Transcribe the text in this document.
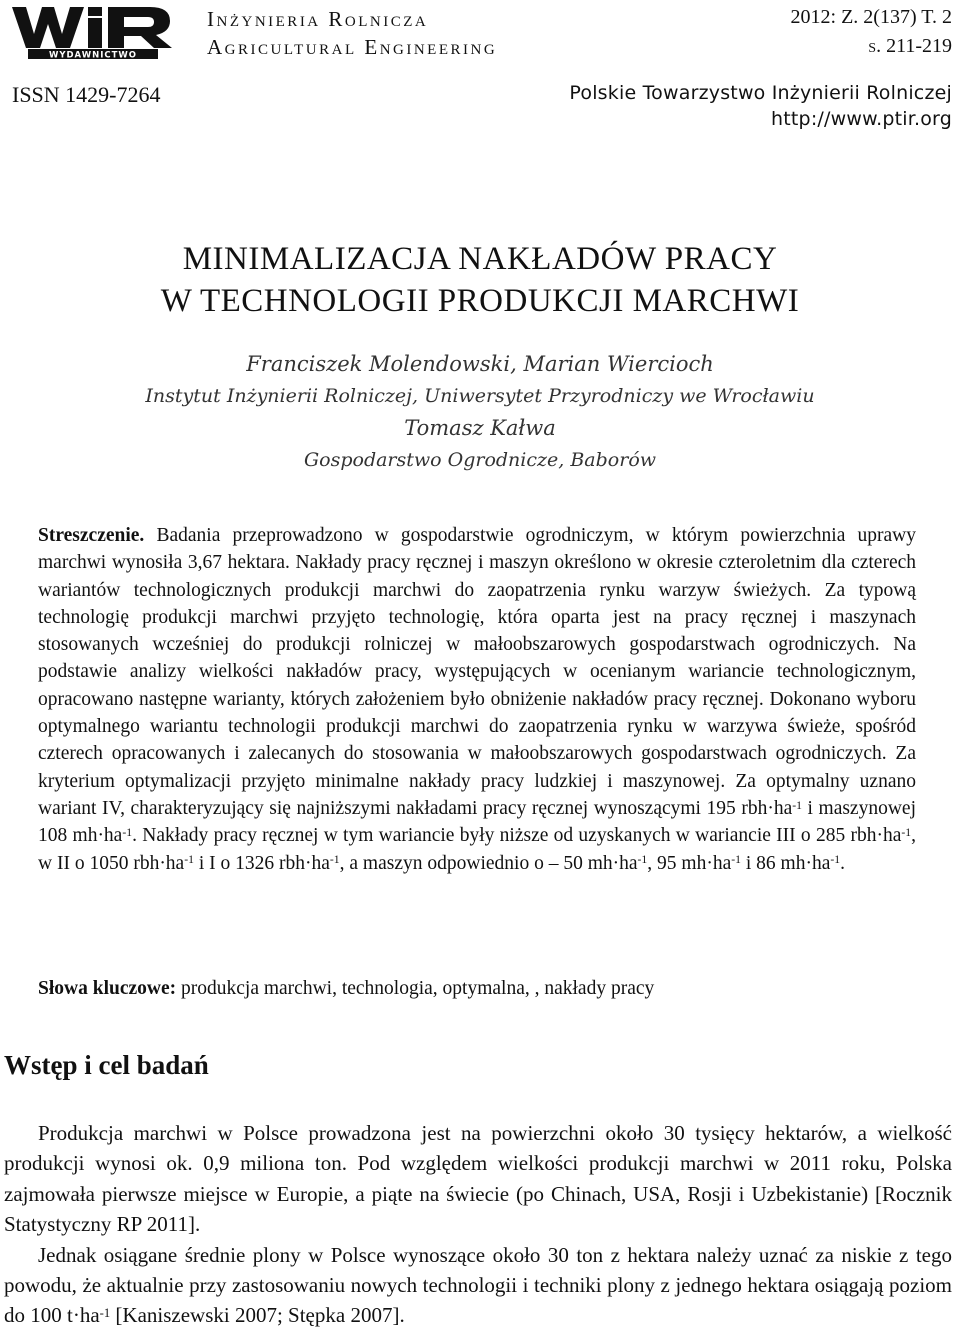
WYDAWNICTWO
Inżynieria Rolnicza
Agricultural Engineering
2012: Z. 2(137) T. 2
s. 211-219
ISSN 1429-7264	Polskie Towarzystwo Inżynierii Rolniczej
http://www.ptir.org
MINIMALIZACJA NAKŁADÓW PRACY
W TECHNOLOGII PRODUKCJI MARCHWI
Franciszek Molendowski, Marian Wiercioch
Instytut Inżynierii Rolniczej, Uniwersytet Przyrodniczy we Wrocławiu
Tomasz Kałwa
Gospodarstwo Ogrodnicze, Baborów
Streszczenie. Badania przeprowadzono w gospodarstwie ogrodniczym, w którym powierzchnia uprawy marchwi wynosiła 3,67 hektara. Nakłady pracy ręcznej i maszyn określono w okresie czteroletnim dla czterech wariantów technologicznych produkcji marchwi do zaopatrzenia rynku warzyw świeżych. Za typową technologię produkcji marchwi przyjęto technologię, która oparta jest na pracy ręcznej i maszynach stosowanych wcześniej do produkcji rolniczej w małoobszarowych gospodarstwach ogrodniczych. Na podstawie analizy wielkości nakładów pracy, występujących w ocenianym wariancie technologicznym, opracowano następne warianty, których założeniem było obniżenie nakładów pracy ręcznej. Dokonano wyboru optymalnego wariantu technologii produkcji marchwi do zaopatrzenia rynku w warzywa świeże, spośród czterech opracowanych i zalecanych do stosowania w małoobszarowych gospodarstwach ogrodniczych. Za kryterium optymalizacji przyjęto minimalne nakłady pracy ludzkiej i maszynowej. Za optymalny uznano wariant IV, charakteryzujący się najniższymi nakładami pracy ręcznej wynoszącymi 195 $rbh\cdot ha^{-1}$ i maszynowej 108 $mh\cdot ha^{-1}$. Nakłady pracy ręcznej w tym wariancie były niższe od uzyskanych w wariancie III o 285 $rbh\cdot ha^{-1}$, w II o 1050 $rbh\cdot ha^{-1}$ i I o 1326 $rbh\cdot ha^{-1}$, a maszyn odpowiednio o – 50 $mh\cdot ha^{-1}$, 95 $mh\cdot ha^{-1}$ i 86 $mh\cdot ha^{-1}$.
Słowa kluczowe: produkcja marchwi, technologia, optymalna, , nakłady pracy
Wstęp i cel badań

Produkcja marchwi w Polsce prowadzona jest na powierzchni około 30 tysięcy hektarów, a wielkość produkcji wynosi ok. 0,9 miliona ton. Pod względem wielkości produkcji marchwi w 2011 roku, Polska zajmowała pierwsze miejsce w Europie, a piąte na świecie (po Chinach, USA, Rosji i Uzbekistanie) [Rocznik Statystyczny RP 2011].

Jednak osiągane średnie plony w Polsce wynoszące około 30 ton z hektara należy uznać za niskie z tego powodu, że aktualnie przy zastosowaniu nowych technologii i techniki plony z jednego hektara osiągają poziom do 100 $t\cdot ha^{-1}$ [Kaniszewski 2007; Stępka 2007].
